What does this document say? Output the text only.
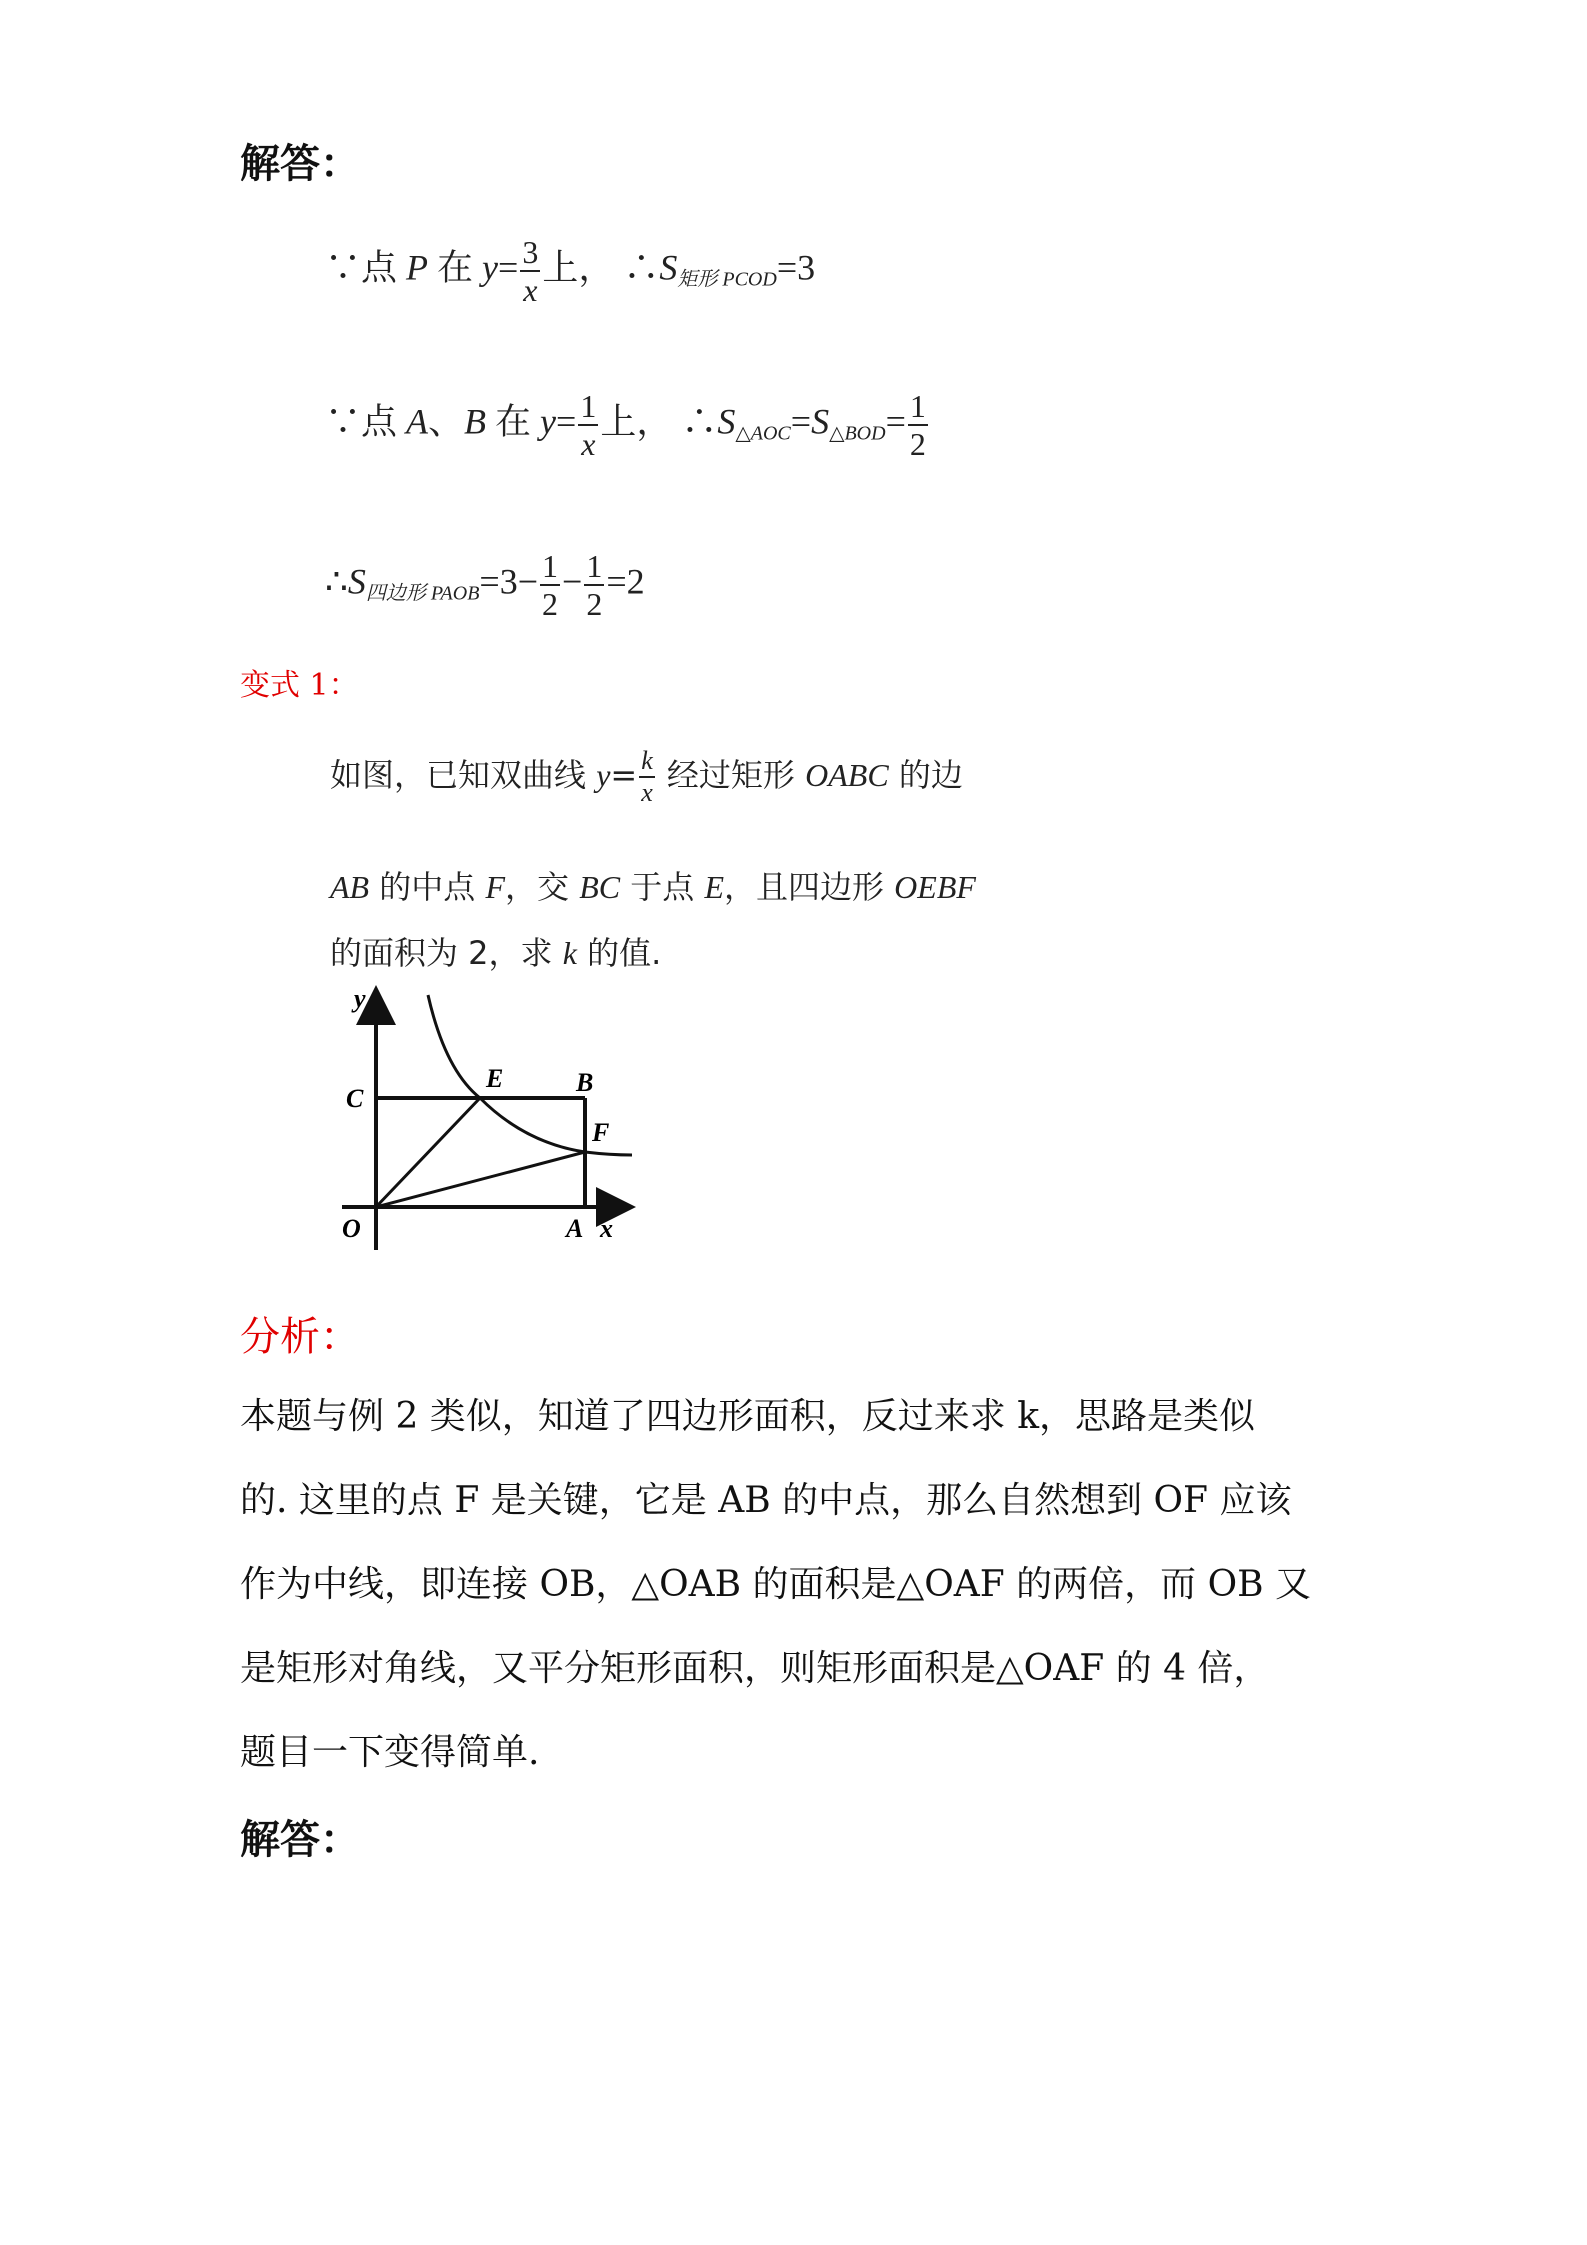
解答：
∵点 P 在 $y= \frac{3}{x}$ 上， $\therefore S_{矩形 PCOD}=3$
∵点 A、B 在 $y= \frac{1}{x}$ 上， $\therefore S_{\triangle AOC}=S_{\triangle BOD}= \frac{1}{2}$
$\therefore S_{四边形 PAOB}=3- \frac{1}{2} - \frac{1}{2} =2$
变式 1：
如图，已知双曲线 $y= \frac{k}{x}$ 经过矩形 OABC 的边
AB 的中点 F，交 BC 于点 E，且四边形 OEBF
的面积为 2，求 k 的值.
y
x
O	A
B
C
E
F
分析：

本题与例 2 类似，知道了四边形面积，反过来求 k，思路是类似

的. 这里的点 F 是关键，它是 AB 的中点，那么自然想到 OF 应该

作为中线，即连接 OB，△OAB 的面积是△OAF 的两倍，而 OB 又

是矩形对角线，又平分矩形面积，则矩形面积是△OAF 的 4 倍，

题目一下变得简单.

解答：
